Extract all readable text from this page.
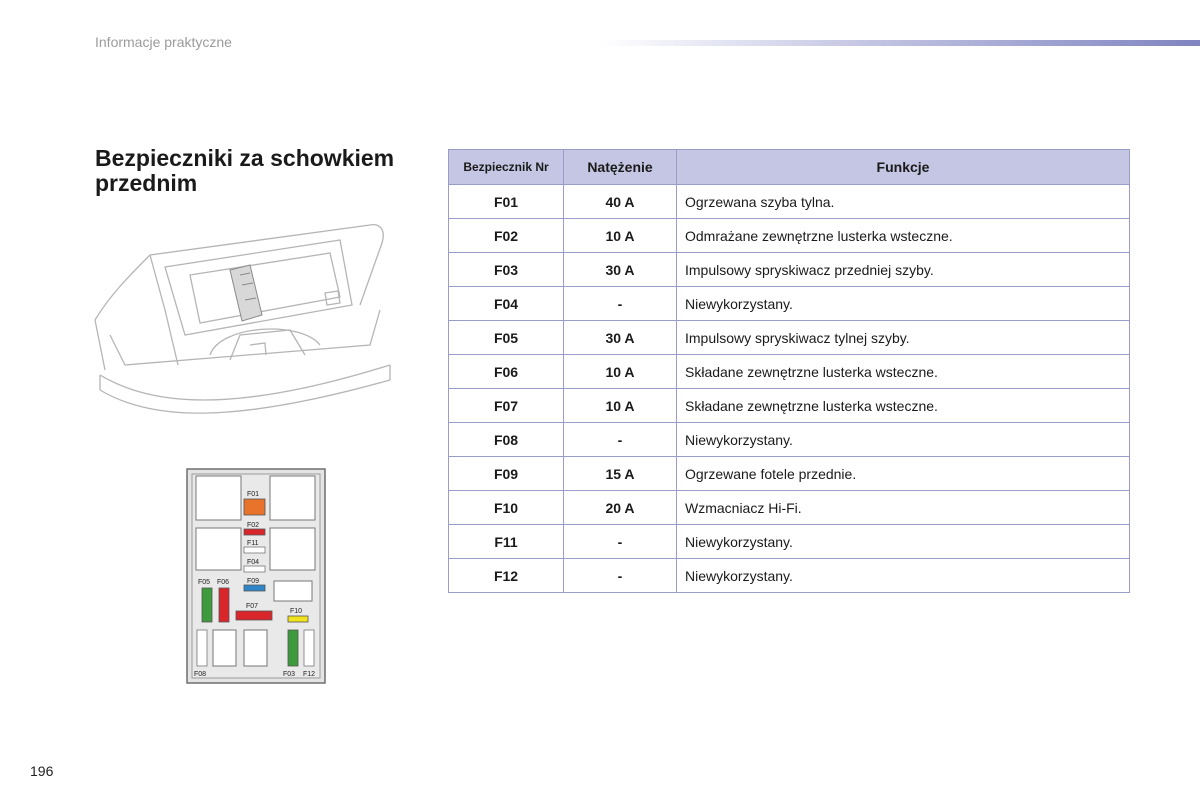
Informacje praktyczne
Bezpieczniki za schowkiem przednim
F01
F02
F11
F04
F09
F05 F06
F07
F10
F08	F03 F12
Bezpiecznik Nr	Natężenie	Funkcje
F01	40 A	Ogrzewana szyba tylna.
F02	10 A	Odmrażane zewnętrzne lusterka wsteczne.
F03	30 A	Impulsowy spryskiwacz przedniej szyby.
F04	-	Niewykorzystany.
F05	30 A	Impulsowy spryskiwacz tylnej szyby.
F06	10 A	Składane zewnętrzne lusterka wsteczne.
F07	10 A	Składane zewnętrzne lusterka wsteczne.
F08	-	Niewykorzystany.
F09	15 A	Ogrzewane fotele przednie.
F10	20 A	Wzmacniacz Hi-Fi.
F11	-	Niewykorzystany.
F12	-	Niewykorzystany.
196
